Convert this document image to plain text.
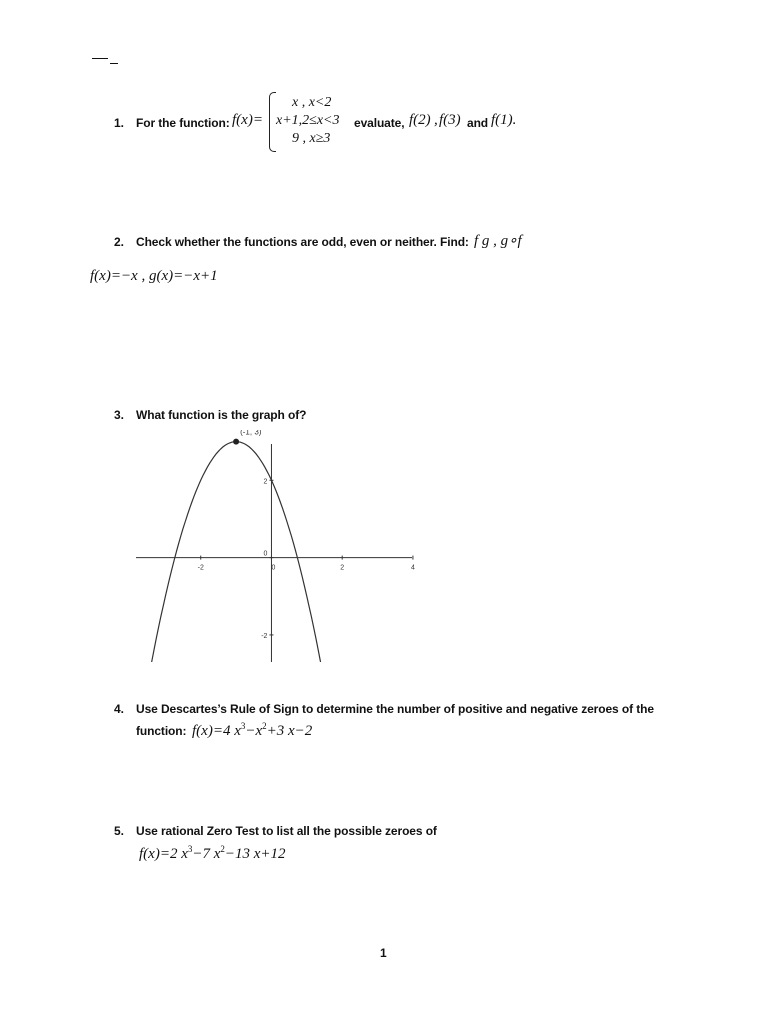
1. For the function: f(x)=
x , x<2
x+1,2≤x<3
9 , x≥3
evaluate, f(2) , f(3) and f(1).
2. Check whether the functions are odd, even or neither. Find: f g , g∘f
f(x)=−x , g(x)=−x+1
3. What function is the graph of?
-2	0	2	4
-2
0
2
(-1, 3)
4. Use Descartes’s Rule of Sign to determine the number of positive and negative zeroes of the
function: f(x)=4 $x^3-x^2+3$ x−2
5. Use rational Zero Test to list all the possible zeroes of
f(x)=2 $x^3-7$ $x^2-13$ x+12
1
